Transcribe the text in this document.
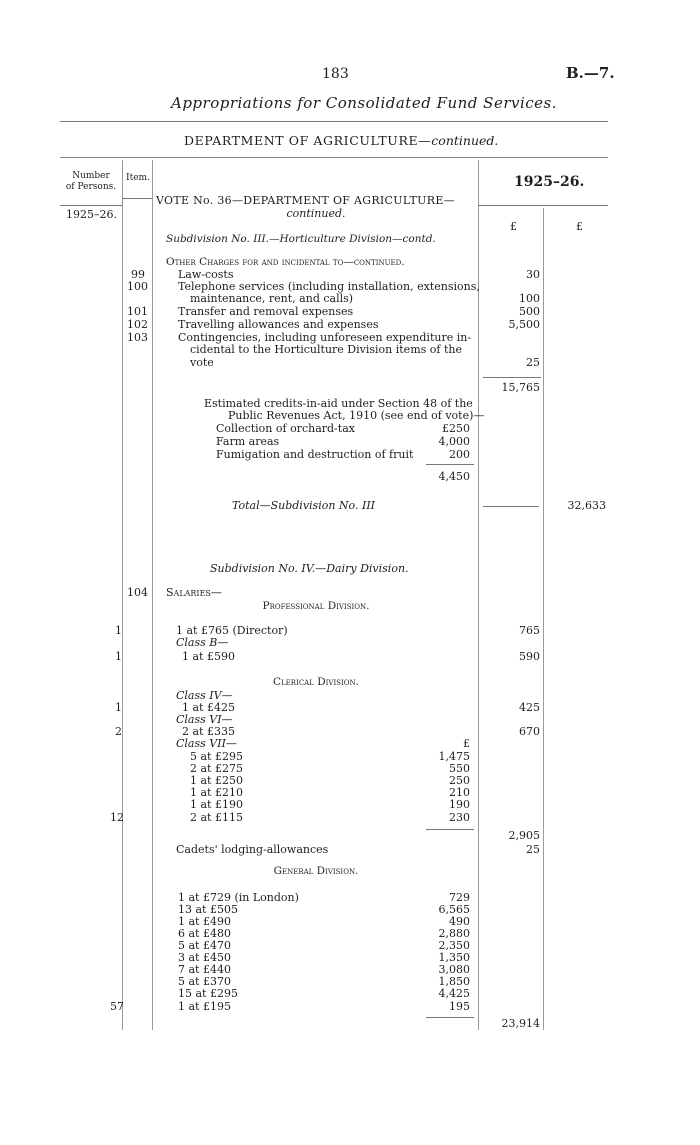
183	B.—7.
Appropriations for Consolidated Fund Services.
DEPARTMENT OF AGRICULTURE—continued.
Number
of Persons.
Item.
1925–26.
1925–26.
£	£
VOTE No. 36—DEPARTMENT OF AGRICULTURE—
continued.
Subdivision No. III.—Horticulture Division—contd.
Other Charges for and incidental to—continued.
99	Law-costs	30
100	Telephone services (including installation, extensions,
maintenance, rent, and calls)	100
101	Transfer and removal expenses	500
102	Travelling allowances and expenses	5,500
103	Contingencies, including unforeseen expenditure in-
cidental to the Horticulture Division items of the
vote	25
15,765
Estimated credits-in-aid under Section 48 of the
Public Revenues Act, 1910 (see end of vote)—
Collection of orchard-tax	£250
Farm areas	4,000
Fumigation and destruction of fruit	200
4,450
Total—Subdivision No. III	32,633
Subdivision No. IV.—Dairy Division.
104 Salaries—
Professional Division.
1	1 at £765 (Director)	765
Class B—
1	1 at £590	590
Clerical Division.
Class IV—
1	1 at £425	425
Class VI—
2	2 at £335	670
Class VII—	£
5 at £295	1,475
2 at £275	550
1 at £250	250
1 at £210	210
1 at £190	190
12	2 at £115	230
2,905
Cadets' lodging-allowances	25
General Division.
1 at £729 (in London)	729
13 at £505	6,565
1 at £490	490
6 at £480	2,880
5 at £470	2,350
3 at £450	1,350
7 at £440	3,080
5 at £370	1,850
15 at £295	4,425
57	1 at £195	195
23,914
